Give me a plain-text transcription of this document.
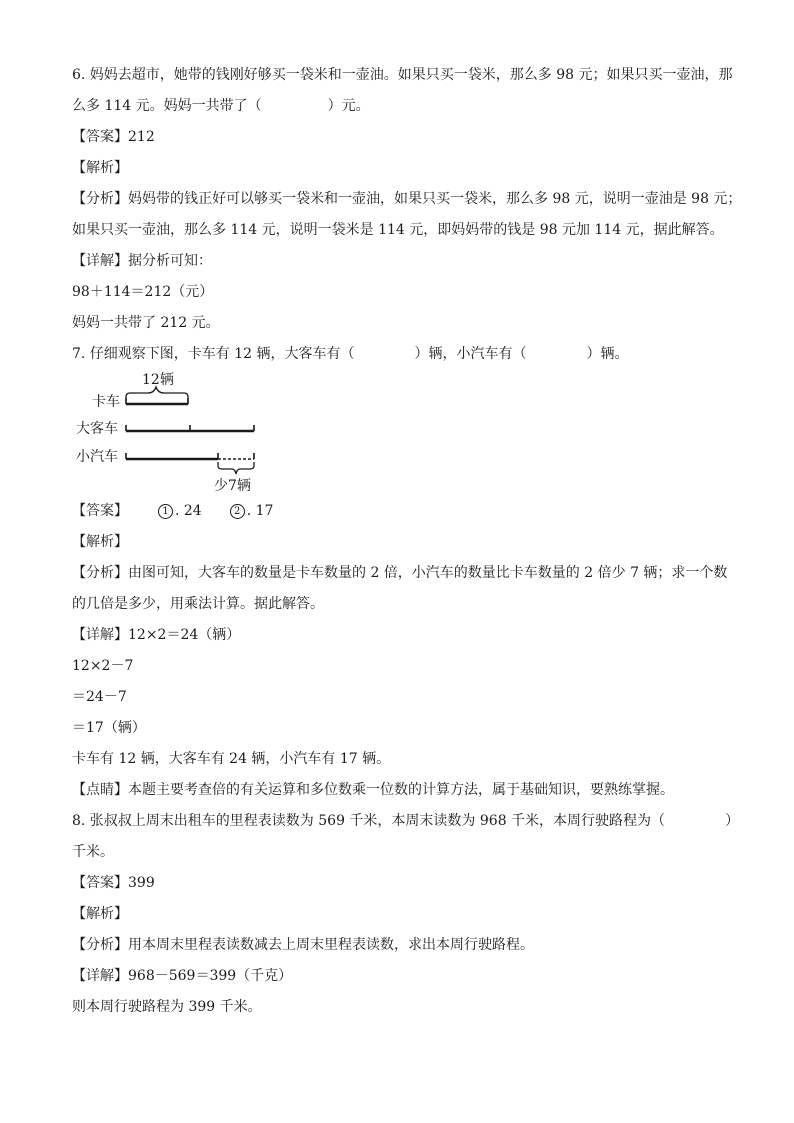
6. 妈妈去超市，她带的钱刚好够买一袋米和一壶油。如果只买一袋米，那么多 98 元；如果只买一壶油，那
么多 114 元。妈妈一共带了（	）元。
【答案】212
【解析】
【分析】妈妈带的钱正好可以够买一袋米和一壶油，如果只买一袋米，那么多 98 元，说明一壶油是 98 元；
如果只买一壶油，那么多 114 元，说明一袋米是 114 元，即妈妈带的钱是 98 元加 114 元，据此解答。
【详解】据分析可知：
98＋114＝212（元）
妈妈一共带了 212 元。
7. 仔细观察下图，卡车有 12 辆，大客车有（	）辆，小汽车有（	）辆。
12辆
卡车
大客车
小汽车
少7辆
【答案】	1 . 24	2 . 17
【解析】
【分析】由图可知，大客车的数量是卡车数量的 2 倍，小汽车的数量比卡车数量的 2 倍少 7 辆；求一个数
的几倍是多少，用乘法计算。据此解答。
【详解】12×2＝24（辆）
12×2－7
＝24－7
＝17（辆）
卡车有 12 辆，大客车有 24 辆，小汽车有 17 辆。
【点睛】本题主要考查倍的有关运算和多位数乘一位数的计算方法，属于基础知识，要熟练掌握。
8. 张叔叔上周末出租车的里程表读数为 569 千米，本周末读数为 968 千米，本周行驶路程为（	）
千米。
【答案】399
【解析】
【分析】用本周末里程表读数减去上周末里程表读数，求出本周行驶路程。
【详解】968－569＝399（千克）
则本周行驶路程为 399 千米。
